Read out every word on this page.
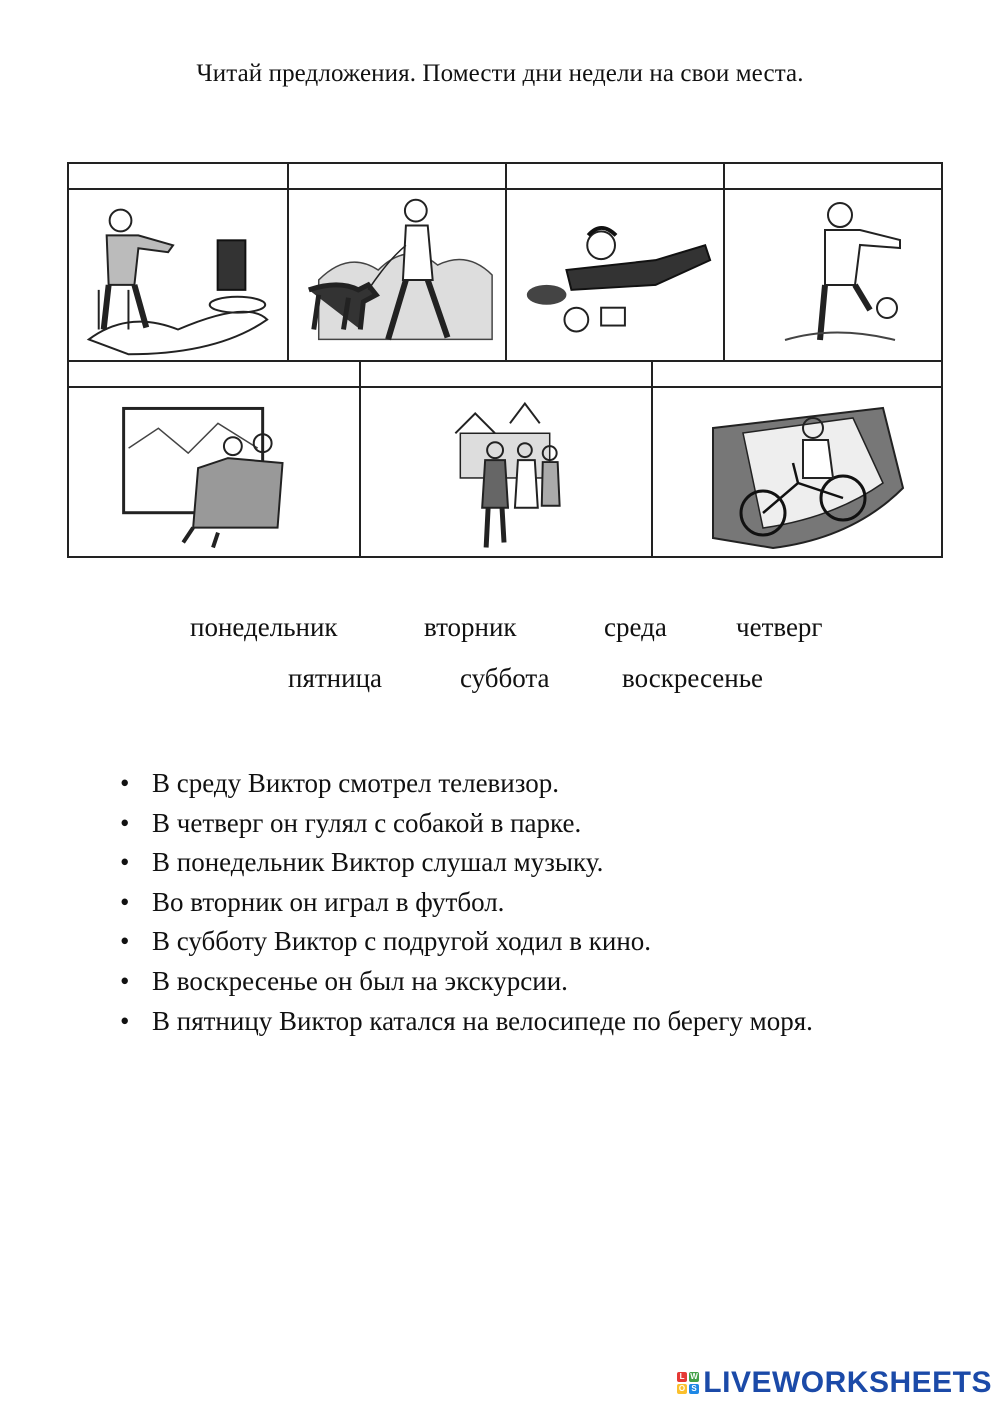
Читай предложения. Помести дни недели на свои места.
понедельник	вторник	среда	четверг
пятница	суббота	воскресенье
• В среду Виктор смотрел телевизор.
• В четверг он гулял с собакой в парке.
• В понедельник Виктор слушал музыку.
• Во вторник он играл в футбол.
• В субботу Виктор с подругой ходил в кино.
• В воскресенье он был на экскурсии.
• В пятницу Виктор катался на велосипеде по берегу моря.
L W
O S LIVEWORKSHEETS
